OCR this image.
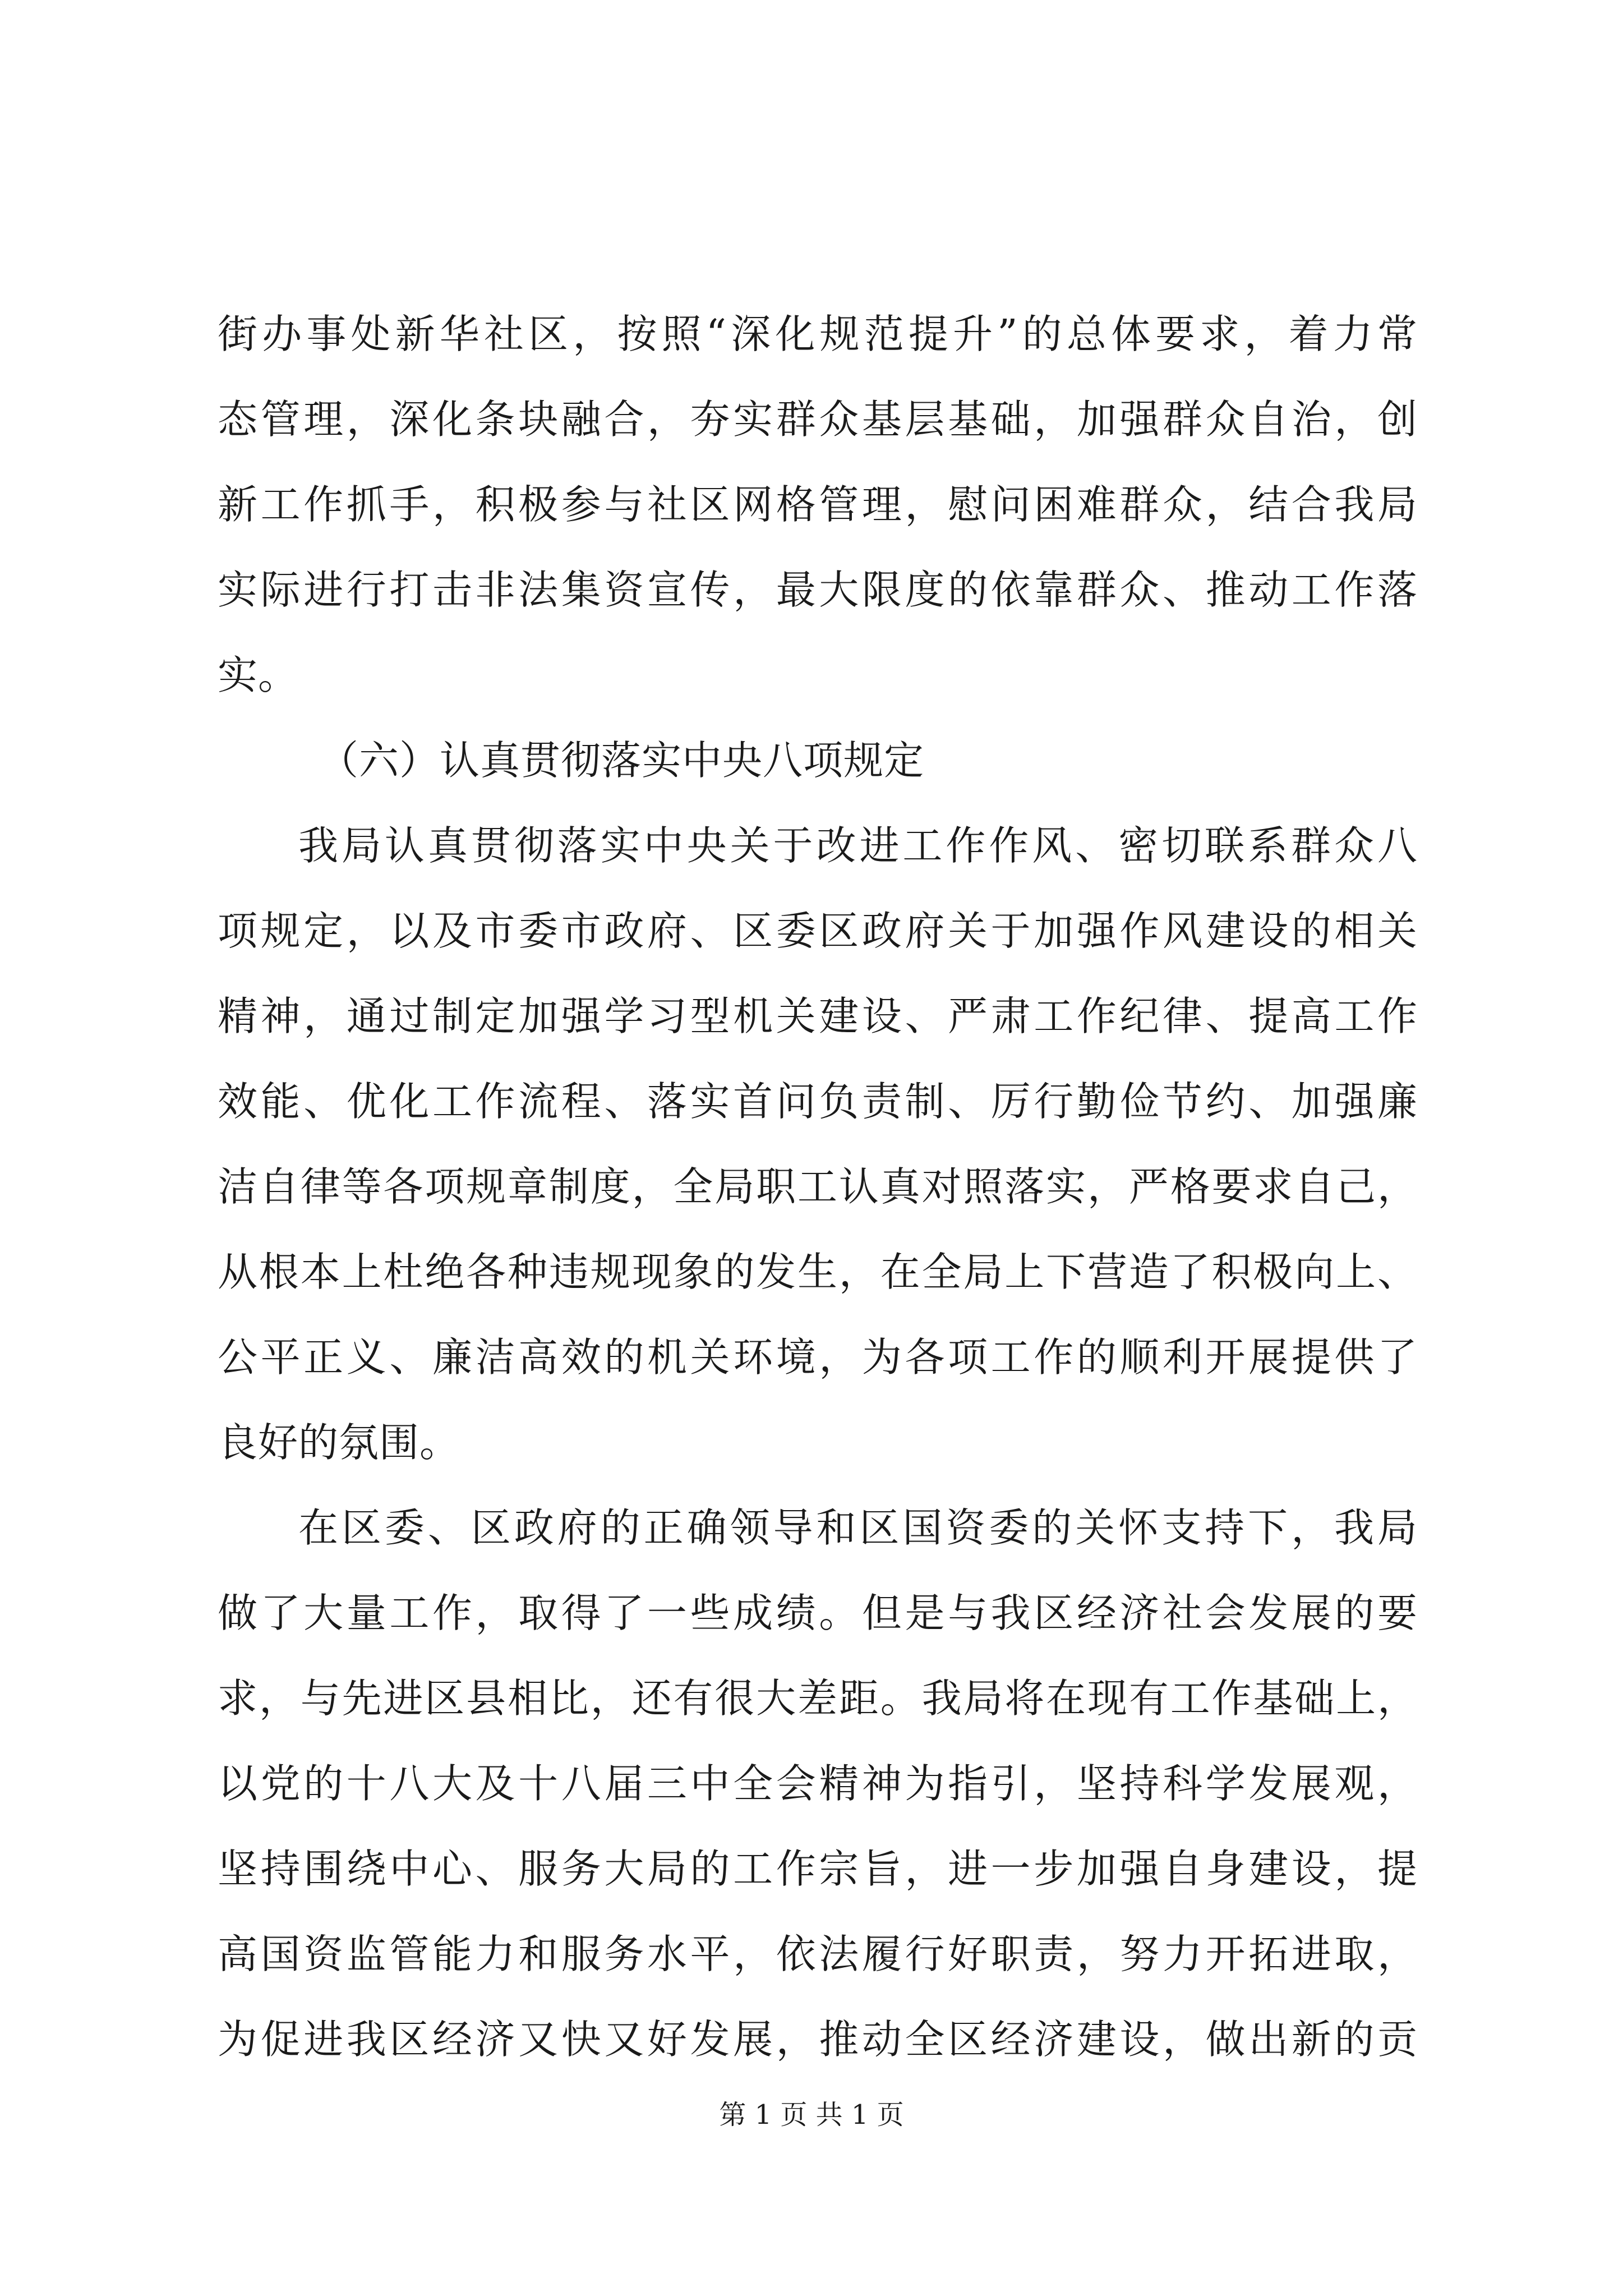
街办事处新华社区，按照“深化规范提升”的总体要求，着力常
态管理，深化条块融合，夯实群众基层基础，加强群众自治，创
新工作抓手，积极参与社区网格管理，慰问困难群众，结合我局
实际进行打击非法集资宣传，最大限度的依靠群众、推动工作落
实。
（六）认真贯彻落实中央八项规定
我局认真贯彻落实中央关于改进工作作风、密切联系群众八
项规定，以及市委市政府、区委区政府关于加强作风建设的相关
精神，通过制定加强学习型机关建设、严肃工作纪律、提高工作
效能、优化工作流程、落实首问负责制、厉行勤俭节约、加强廉
洁自律等各项规章制度，全局职工认真对照落实，严格要求自己，
从根本上杜绝各种违规现象的发生，在全局上下营造了积极向上、
公平正义、廉洁高效的机关环境，为各项工作的顺利开展提供了
良好的氛围。
在区委、区政府的正确领导和区国资委的关怀支持下，我局
做了大量工作，取得了一些成绩。但是与我区经济社会发展的要
求，与先进区县相比，还有很大差距。我局将在现有工作基础上，
以党的十八大及十八届三中全会精神为指引，坚持科学发展观，
坚持围绕中心、服务大局的工作宗旨，进一步加强自身建设，提
高国资监管能力和服务水平，依法履行好职责，努力开拓进取，
为促进我区经济又快又好发展，推动全区经济建设，做出新的贡
第 1 页 共 1 页
